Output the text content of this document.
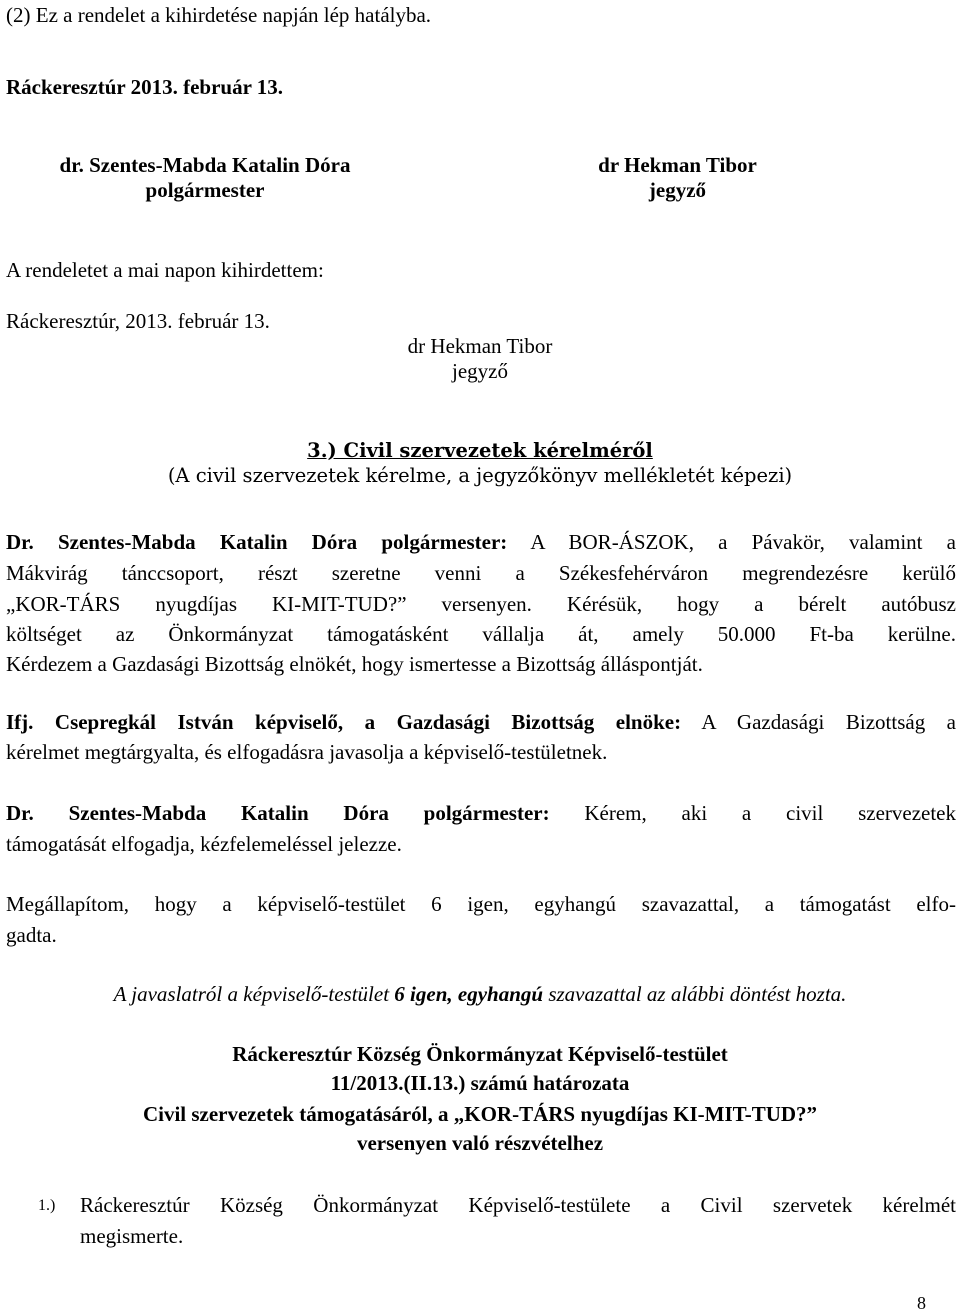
(2) Ez a rendelet a kihirdetése napján lép hatályba.
Ráckeresztúr 2013. február 13.
dr. Szentes-Mabda Katalin Dóra
polgármester
dr Hekman Tibor
jegyző
A rendeletet a mai napon kihirdettem:
Ráckeresztúr, 2013. február 13.
dr Hekman Tibor
jegyző
3.) Civil szervezetek kérelméről
(A civil szervezetek kérelme, a jegyzőkönyv mellékletét képezi)
Dr. Szentes-Mabda Katalin Dóra polgármester: A BOR-ÁSZOK, a Pávakör, valamint a
Mákvirág tánccsoport, részt szeretne venni a Székesfehérváron megrendezésre kerülő
„KOR-TÁRS nyugdíjas KI-MIT-TUD?” versenyen. Kérésük, hogy a bérelt autóbusz
költséget az Önkormányzat támogatásként vállalja át, amely 50.000 Ft-ba kerülne.
Kérdezem a Gazdasági Bizottság elnökét, hogy ismertesse a Bizottság álláspontját.
Ifj. Csepregkál István képviselő, a Gazdasági Bizottság elnöke: A Gazdasági Bizottság a
kérelmet megtárgyalta, és elfogadásra javasolja a képviselő-testületnek.
Dr. Szentes-Mabda Katalin Dóra polgármester: Kérem, aki a civil szervezetek
támogatását elfogadja, kézfelemeléssel jelezze.
Megállapítom, hogy a képviselő-testület 6 igen, egyhangú szavazattal, a támogatást elfo-
gadta.
A javaslatról a képviselő-testület 6 igen, egyhangú szavazattal az alábbi döntést hozta.
Ráckeresztúr Község Önkormányzat Képviselő-testület
11/2013.(II.13.) számú határozata
Civil szervezetek támogatásáról, a „KOR-TÁRS nyugdíjas KI-MIT-TUD?”
versenyen való részvételhez
1.) Ráckeresztúr Község Önkormányzat Képviselő-testülete a Civil szervetek kérelmét
megismerte.
8
